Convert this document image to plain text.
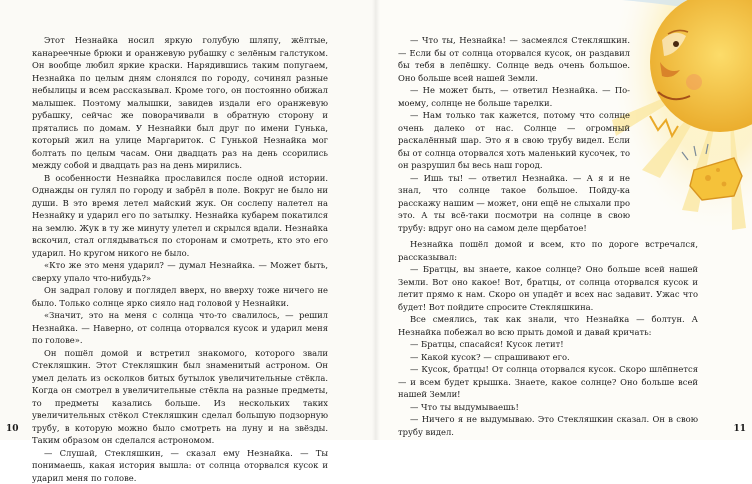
Этот Незнайка носил яркую голубую шляпу, жёлтые, канареечные брюки и оранжевую рубашку с зелёным галстуком. Он вообще любил яркие краски. Нарядившись таким попугаем, Незнайка по целым дням слонялся по городу, сочинял разные небылицы и всем рассказывал. Кроме того, он постоянно обижал малышек. Поэтому малышки, завидев издали его оранжевую рубашку, сейчас же поворачивали в обратную сторону и прятались по домам. У Незнайки был друг по имени Гунька, который жил на улице Маргариток. С Гунькой Незнайка мог болтать по целым часам. Они двадцать раз на день ссорились между собой и двадцать раз на день мирились.

В особенности Незнайка прославился после одной истории. Однажды он гулял по городу и забрёл в поле. Вокруг не было ни души. В это время летел майский жук. Он сослепу налетел на Незнайку и ударил его по затылку. Незнайка кубарем покатился на землю. Жук в ту же минуту улетел и скрылся вдали. Незнайка вскочил, стал оглядываться по сторонам и смотреть, кто это его ударил. Но кругом никого не было.

«Кто же это меня ударил? — думал Незнайка. — Может быть, сверху упало что-нибудь?»

Он задрал голову и поглядел вверх, но вверху тоже ничего не было. Только солнце ярко сияло над головой у Незнайки.

«Значит, это на меня с солнца что-то свалилось, — решил Незнайка. — Наверно, от солнца оторвался кусок и ударил меня по голове».

Он пошёл домой и встретил знакомого, которого звали Стекляшкин. Этот Стекляшкин был знаменитый астроном. Он умел делать из осколков битых бутылок увеличительные стёкла. Когда он смотрел в увеличительные стёкла на разные предметы, то предметы казались больше. Из нескольких таких увеличительных стёкол Стекляшкин сделал большую подзорную трубу, в которую можно было смотреть на луну и на звёзды. Таким образом он сделался астрономом.

— Слушай, Стекляшкин, — сказал ему Незнайка. — Ты понимаешь, какая история вышла: от солнца оторвался кусок и ударил меня по голове.

10

— Что ты, Незнайка! — засмеялся Стекляшкин. — Если бы от солнца оторвался кусок, он раздавил бы тебя в лепёшку. Солнце ведь очень большое. Оно больше всей нашей Земли.

— Не может быть, — ответил Незнайка. — По-моему, солнце не больше тарелки.

— Нам только так кажется, потому что солнце очень далеко от нас. Солнце — огромный раскалённый шар. Это я в свою трубу видел. Если бы от солнца оторвался хоть маленький кусочек, то он разрушил бы весь наш город.

— Ишь ты! — ответил Незнайка. — А я и не знал, что солнце такое большое. Пойду-ка расскажу нашим — может, они ещё не слыхали про это. А ты всё-таки посмотри на солнце в свою трубу: вдруг оно на самом деле щербатое!

Незнайка пошёл домой и всем, кто по дороге встречался, рассказывал:

— Братцы, вы знаете, какое солнце? Оно больше всей нашей Земли. Вот оно какое! Вот, братцы, от солнца оторвался кусок и летит прямо к нам. Скоро он упадёт и всех нас задавит. Ужас что будет! Вот пойдите спросите Стекляшкина.

Все смеялись, так как знали, что Незнайка — болтун. А Незнайка побежал во всю прыть домой и давай кричать:

— Братцы, спасайся! Кусок летит!

— Какой кусок? — спрашивают его.

— Кусок, братцы! От солнца оторвался кусок. Скоро шлёпнется — и всем будет крышка. Знаете, какое солнце? Оно больше всей нашей Земли!

— Что ты выдумываешь!

— Ничего я не выдумываю. Это Стекляшкин сказал. Он в свою трубу видел.	11
